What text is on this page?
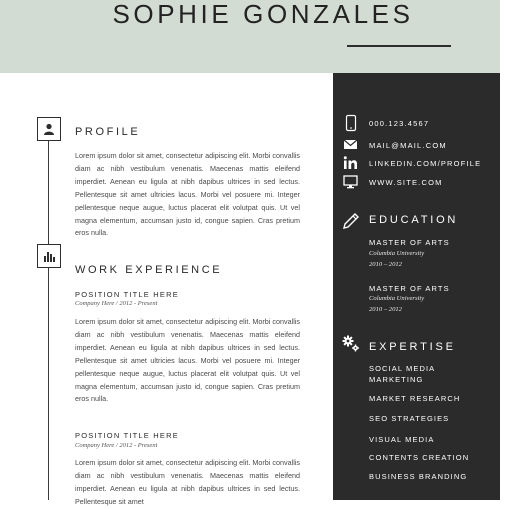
SOPHIE GONZALES
PROFILE
Lorem ipsum dolor sit amet, consectetur adipiscing elit. Morbi convallis diam ac nibh vestibulum venenatis. Maecenas mattis eleifend imperdiet. Aenean eu ligula at nibh dapibus ultrices in sed lectus. Pellentesque sit amet ultricies lacus. Morbi vel posuere mi. Integer pellentesque neque augue, luctus placerat elit volutpat quis. Ut vel magna elementum, accumsan justo id, congue sapien. Cras pretium eros nulla.
WORK EXPERIENCE
POSITION TITLE HERE
Company Here / 2012 - Present
Lorem ipsum dolor sit amet, consectetur adipiscing elit. Morbi convallis diam ac nibh vestibulum venenatis. Maecenas mattis eleifend imperdiet. Aenean eu ligula at nibh dapibus ultrices in sed lectus. Pellentesque sit amet ultricies lacus. Morbi vel posuere mi. Integer pellentesque neque augue, luctus placerat elit volutpat quis. Ut vel magna elementum, accumsan justo id, congue sapien. Cras pretium eros nulla.
POSITION TITLE HERE
Company Here / 2012 - Present
Lorem ipsum dolor sit amet, consectetur adipiscing elit. Morbi convallis diam ac nibh vestibulum venenatis. Maecenas mattis eleifend imperdiet. Aenean eu ligula at nibh dapibus ultrices in sed lectus. Pellentesque sit amet
000.123.4567
MAIL@MAIL.COM
LINKEDIN.COM/PROFILE
WWW.SITE.COM
EDUCATION
MASTER OF ARTS
Columbia University
2010 – 2012
MASTER OF ARTS
Columbia University
2010 – 2012
EXPERTISE
SOCIAL MEDIA MARKETING
MARKET RESEARCH
SEO STRATEGIES
VISUAL MEDIA
CONTENTS CREATION
BUSINESS BRANDING
